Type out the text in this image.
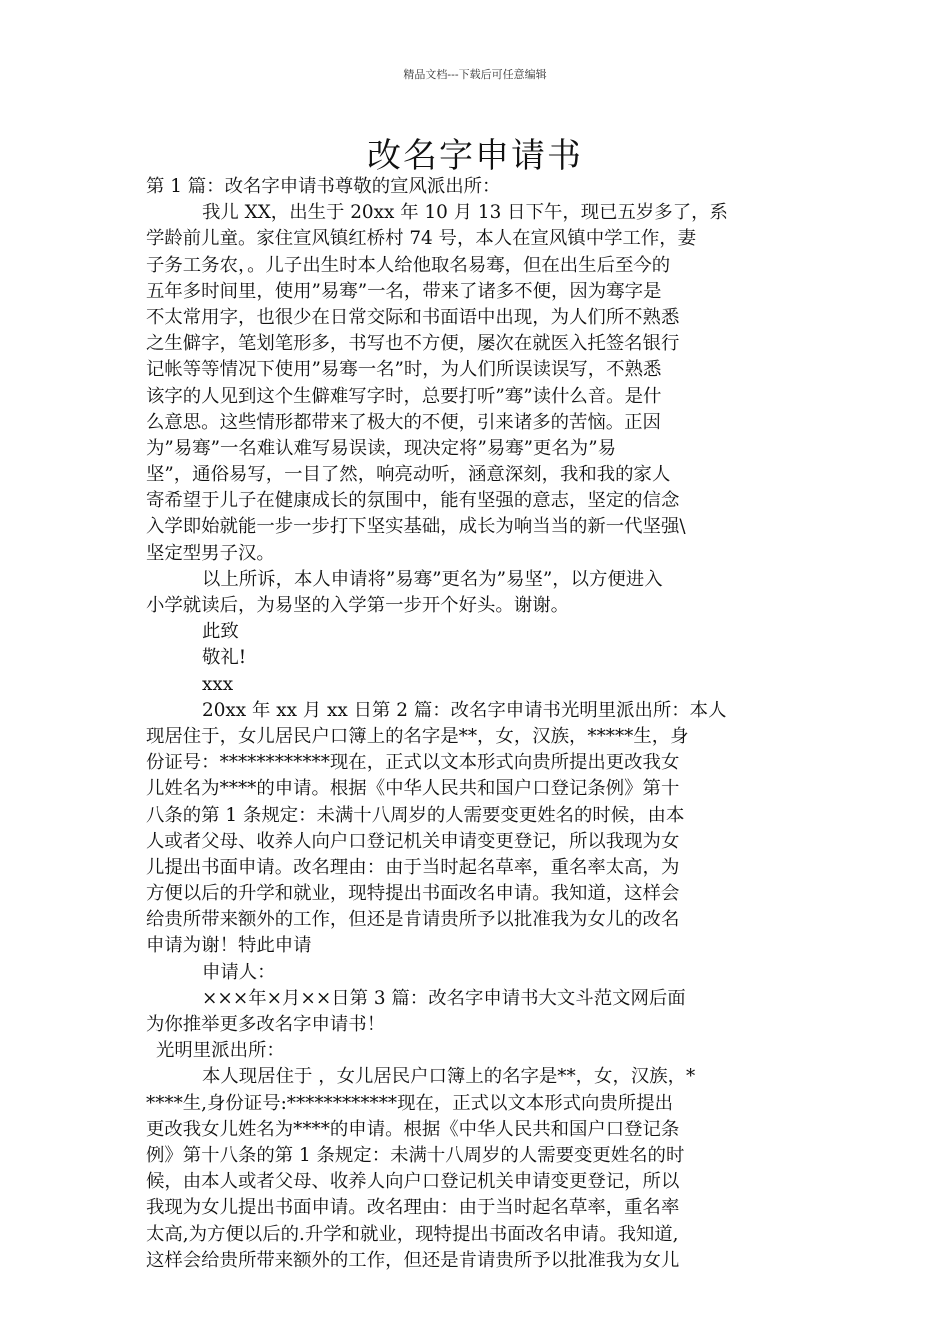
精品文档---下载后可任意编辑
改名字申请书
第 1 篇：改名字申请书尊敬的宣风派出所：
我儿 XX，出生于 20xx 年 10 月 13 日下午，现已五岁多了，系
学龄前儿童。家住宣风镇红桥村 74 号，本人在宣风镇中学工作，妻
子务工务农，。儿子出生时本人给他取名易骞，但在出生后至今的
五年多时间里，使用”易骞”一名，带来了诸多不便，因为骞字是
不太常用字，也很少在日常交际和书面语中出现，为人们所不熟悉
之生僻字，笔划笔形多，书写也不方便，屡次在就医入托签名银行
记帐等等情况下使用”易骞一名”时，为人们所误读误写，不熟悉
该字的人见到这个生僻难写字时，总要打听”骞”读什么音。是什
么意思。这些情形都带来了极大的不便，引来诸多的苦恼。正因
为”易骞”一名难认难写易误读，现决定将”易骞”更名为”易
坚”，通俗易写，一目了然，响亮动听，涵意深刻，我和我的家人
寄希望于儿子在健康成长的氛围中，能有坚强的意志，坚定的信念
入学即始就能一步一步打下坚实基础，成长为响当当的新一代坚强\
坚定型男子汉。
以上所诉，本人申请将”易骞”更名为”易坚”，以方便进入
小学就读后，为易坚的入学第一步开个好头。谢谢。
此致
敬礼!
xxx
20xx 年 xx 月 xx 日第 2 篇：改名字申请书光明里派出所：本人
现居住于，女儿居民户口簿上的名字是**，女，汉族，*****生，身
份证号：************现在，正式以文本形式向贵所提出更改我女
儿姓名为****的申请。根据《中华人民共和国户口登记条例》第十
八条的第 1 条规定：未满十八周岁的人需要变更姓名的时候，由本
人或者父母、收养人向户口登记机关申请变更登记，所以我现为女
儿提出书面申请。改名理由：由于当时起名草率，重名率太高，为
方便以后的升学和就业，现特提出书面改名申请。我知道，这样会
给贵所带来额外的工作，但还是肯请贵所予以批准我为女儿的改名
申请为谢！特此申请
申请人：
×××年×月××日第 3 篇：改名字申请书大文斗范文网后面
为你推举更多改名字申请书！
光明里派出所：
本人现居住于 ，女儿居民户口簿上的名字是**，女，汉族，*
****生,身份证号:************现在，正式以文本形式向贵所提出
更改我女儿姓名为****的申请。根据《中华人民共和国户口登记条
例》第十八条的第 1 条规定：未满十八周岁的人需要变更姓名的时
候，由本人或者父母、收养人向户口登记机关申请变更登记，所以
我现为女儿提出书面申请。改名理由：由于当时起名草率，重名率
太高,为方便以后的.升学和就业，现特提出书面改名申请。我知道,
这样会给贵所带来额外的工作，但还是肯请贵所予以批准我为女儿
